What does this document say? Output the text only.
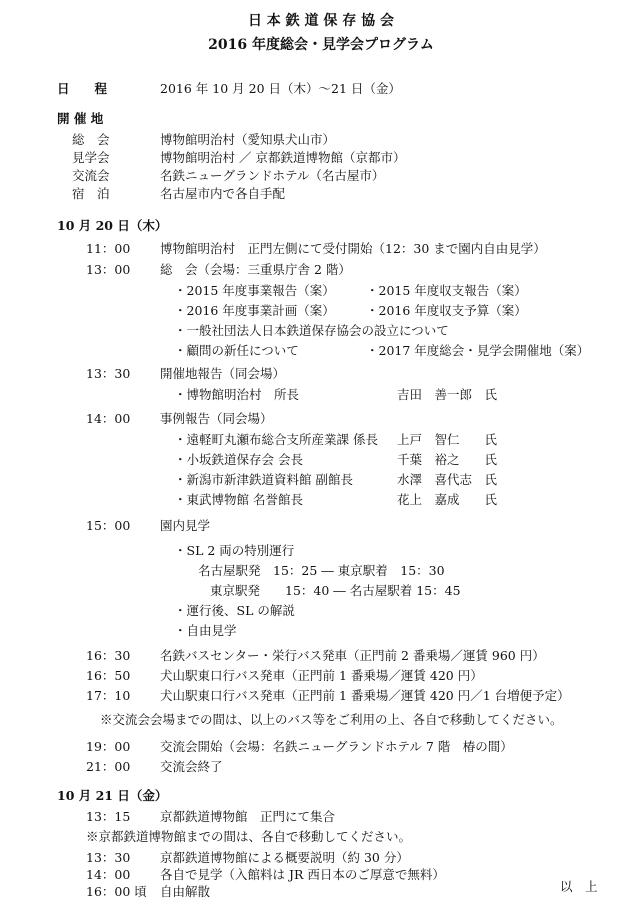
日 本 鉄 道 保 存 協 会
2016 年度総会・見学会プログラム
日　　程	2016 年 10 月 20 日（木）〜21 日（金）
開 催 地
総　会	博物館明治村（愛知県犬山市）
見学会	博物館明治村 ／ 京都鉄道博物館（京都市）
交流会	名鉄ニューグランドホテル（名古屋市）
宿　泊	名古屋市内で各自手配
10 月 20 日（木）
11：00 博物館明治村　正門左側にて受付開始（12：30 まで園内自由見学）
13：00 総　会（会場：三重県庁舎 2 階）
・2015 年度事業報告（案） ・2015 年度収支報告（案）
・2016 年度事業計画（案） ・2016 年度収支予算（案）
・一般社団法人日本鉄道保存協会の設立について
・顧問の新任について	・2017 年度総会・見学会開催地（案）
13：30 開催地報告（同会場）
・博物館明治村　所長	吉田　善一郎　氏
14：00 事例報告（同会場）
・遠軽町丸瀬布総合支所産業課 係長 上戸　智仁　　氏
・小坂鉄道保存会 会長	千葉　裕之　　氏
・新潟市新津鉄道資料館 副館長	水澤　喜代志　氏
・東武博物館 名誉館長	花上　嘉成　　氏
15：00 園内見学
・SL 2 両の特別運行
名古屋駅発　15：25 ― 東京駅着　15：30
東京駅発　　15：40 ― 名古屋駅着 15：45
・運行後、SL の解説
・自由見学
16：30 名鉄バスセンター・栄行バス発車（正門前 2 番乗場／運賃 960 円）
16：50 犬山駅東口行バス発車（正門前 1 番乗場／運賃 420 円）
17：10 犬山駅東口行バス発車（正門前 1 番乗場／運賃 420 円／1 台増便予定）
※交流会会場までの間は、以上のバス等をご利用の上、各自で移動してください。
19：00 交流会開始（会場：名鉄ニューグランドホテル 7 階　椿の間）
21：00 交流会終了
10 月 21 日（金）
13：15 京都鉄道博物館　正門にて集合
※京都鉄道博物館までの間は、各自で移動してください。
13：30 京都鉄道博物館による概要説明（約 30 分）
14：00 各自で見学（入館料は JR 西日本のご厚意で無料）
16：00 頃 自由解散	以　上
